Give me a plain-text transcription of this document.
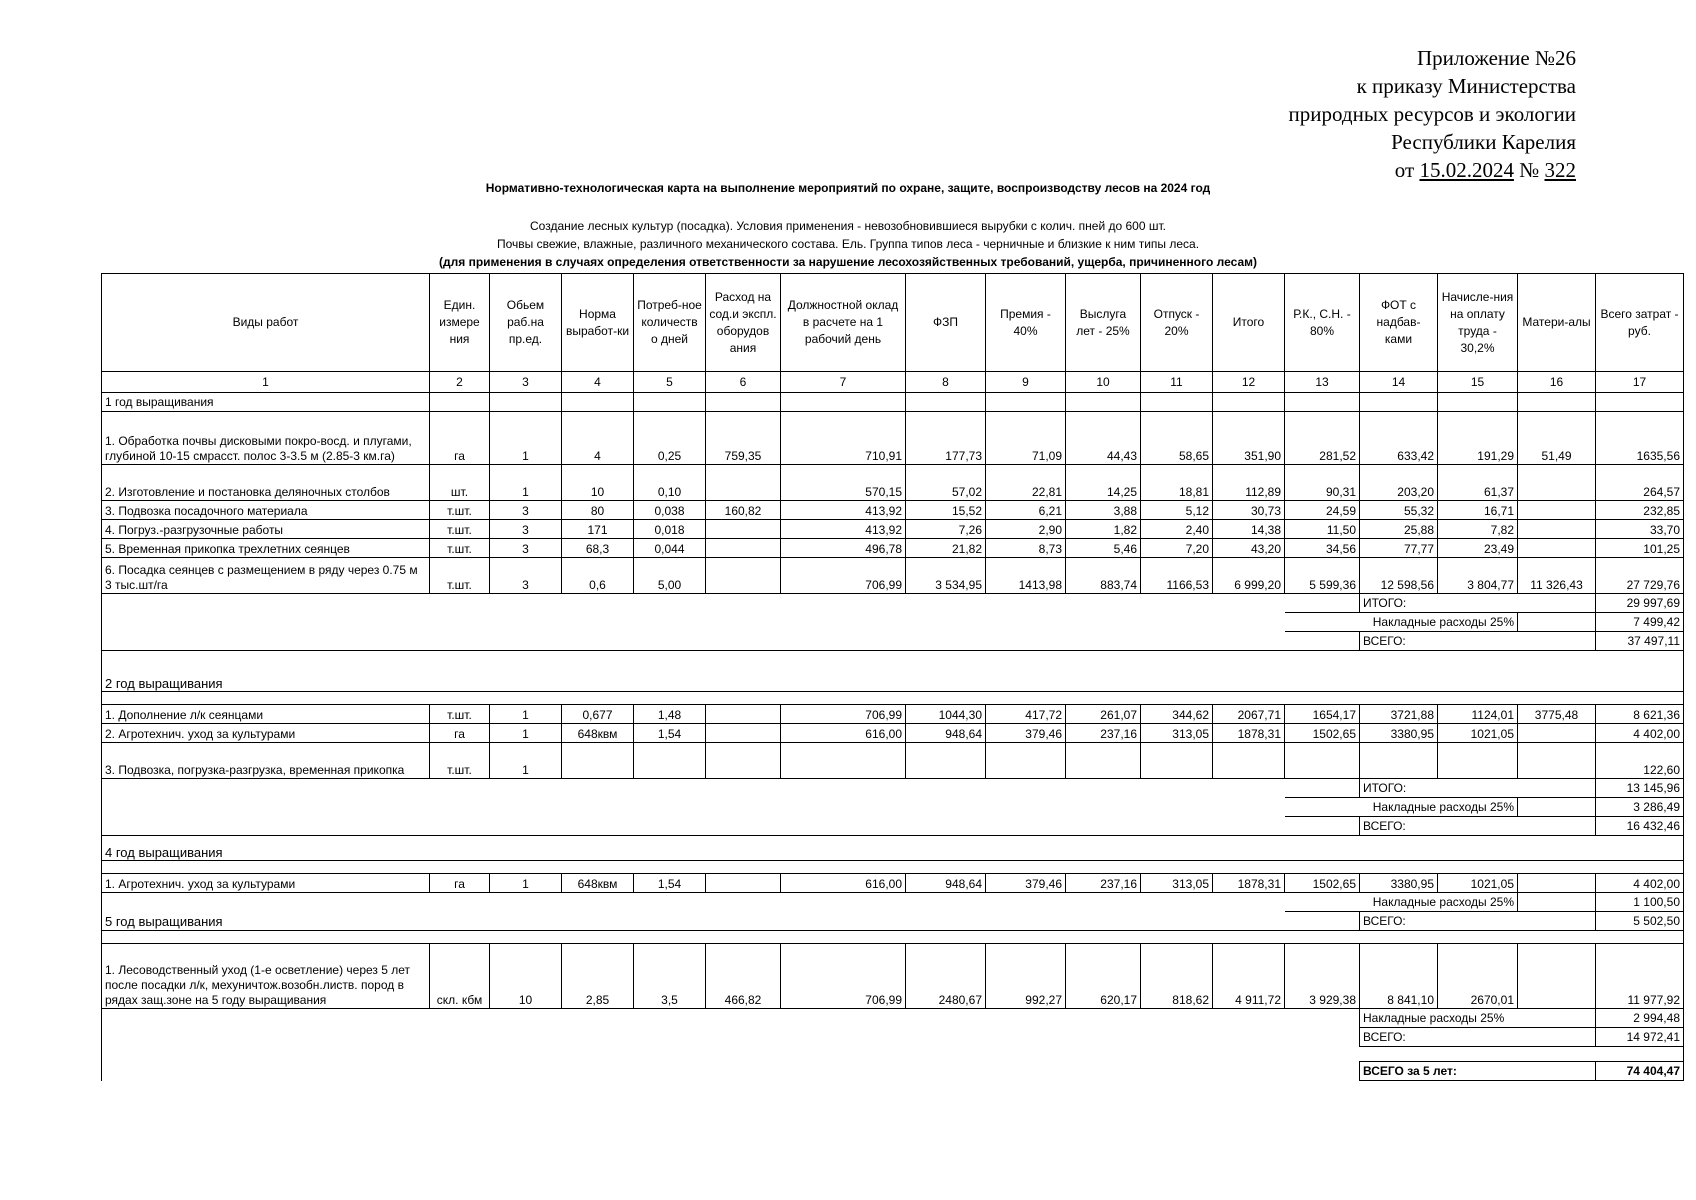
Приложение №26
к приказу Министерства
природных ресурсов и экологии
Республики Карелия
от 15.02.2024 № 322
Нормативно-технологическая карта на выполнение мероприятий по охране, защите, воспроизводству лесов на 2024 год
Создание лесных культур (посадка). Условия применения - невозобновившиеся вырубки с колич. пней до 600 шт.
Почвы свежие, влажные, различного механического состава. Ель. Группа типов леса - черничные и близкие к ним типы леса.
(для применения в случаях определения ответственности за нарушение лесохозяйственных требований, ущерба, причиненного лесам)
Виды работ	Един. измере ния	Обьем раб.на пр.ед.	Норма выработ-ки	Потреб-ное количеств о дней	Расход на сод.и экспл. оборудов ания	Должностной оклад в расчете на 1 рабочий день	ФЗП	Премия - 40%	Выслуга лет - 25%	Отпуск - 20%	Итого	Р.К., С.Н. - 80%	ФОТ с надбав-ками	Начисле-ния на оплату труда - 30,2%	Матери-алы	Всего затрат - руб.
1	2	3	4	5	6	7	8	9	10	11	12	13	14	15	16	17
1 год выращивания																
1. Обработка почвы дисковыми покро-восд. и плугами, глубиной 10-15 смрасст. полос 3-3.5 м (2.85-3 км.га)	га	1	4	0,25	759,35	710,91	177,73	71,09	44,43	58,65	351,90	281,52	633,42	191,29	51,49	1635,56
2. Изготовление и постановка деляночных столбов	шт.	1	10	0,10		570,15	57,02	22,81	14,25	18,81	112,89	90,31	203,20	61,37		264,57
3. Подвозка посадочного материала	т.шт.	3	80	0,038	160,82	413,92	15,52	6,21	3,88	5,12	30,73	24,59	55,32	16,71		232,85
4. Погруз.-разгрузочные работы	т.шт.	3	171	0,018		413,92	7,26	2,90	1,82	2,40	14,38	11,50	25,88	7,82		33,70
5. Временная прикопка трехлетних сеянцев	т.шт.	3	68,3	0,044		496,78	21,82	8,73	5,46	7,20	43,20	34,56	77,77	23,49		101,25
6. Посадка сеянцев с размещением в ряду через 0.75 м 3 тыс.шт/га	т.шт.	3	0,6	5,00		706,99	3 534,95	1413,98	883,74	1166,53	6 999,20	5 599,36	12 598,56	3 804,77	11 326,43	27 729,76
													ИТОГО:			29 997,69
												Накладные расходы 25%				7 499,42
													ВСЕГО:			37 497,11
2 год выращивания																

1. Дополнение л/к сеянцами	т.шт.	1	0,677	1,48		706,99	1044,30	417,72	261,07	344,62	2067,71	1654,17	3721,88	1124,01	3775,48	8 621,36
2. Агротехнич. уход за культурами	га	1	648квм	1,54		616,00	948,64	379,46	237,16	313,05	1878,31	1502,65	3380,95	1021,05		4 402,00
3. Подвозка, погрузка-разгрузка, временная прикопка	т.шт.	1														122,60
													ИТОГО:			13 145,96
												Накладные расходы 25%				3 286,49
													ВСЕГО:			16 432,46
4 год выращивания																

1. Агротехнич. уход за культурами	га	1	648квм	1,54		616,00	948,64	379,46	237,16	313,05	1878,31	1502,65	3380,95	1021,05		4 402,00
												Накладные расходы 25%				1 100,50
5 год выращивания													ВСЕГО:			5 502,50

1. Лесоводственный уход (1-е осветление) через 5 лет после посадки л/к, мехуничтож.возобн.листв. пород в рядах защ.зоне на 5 году выращивания	скл. кбм	10	2,85	3,5	466,82	706,99	2480,67	992,27	620,17	818,62	4 911,72	3 929,38	8 841,10	2670,01		11 977,92
													Накладные расходы 25%			2 994,48
													ВСЕГО:			14 972,41

													ВСЕГО за 5 лет:			74 404,47
